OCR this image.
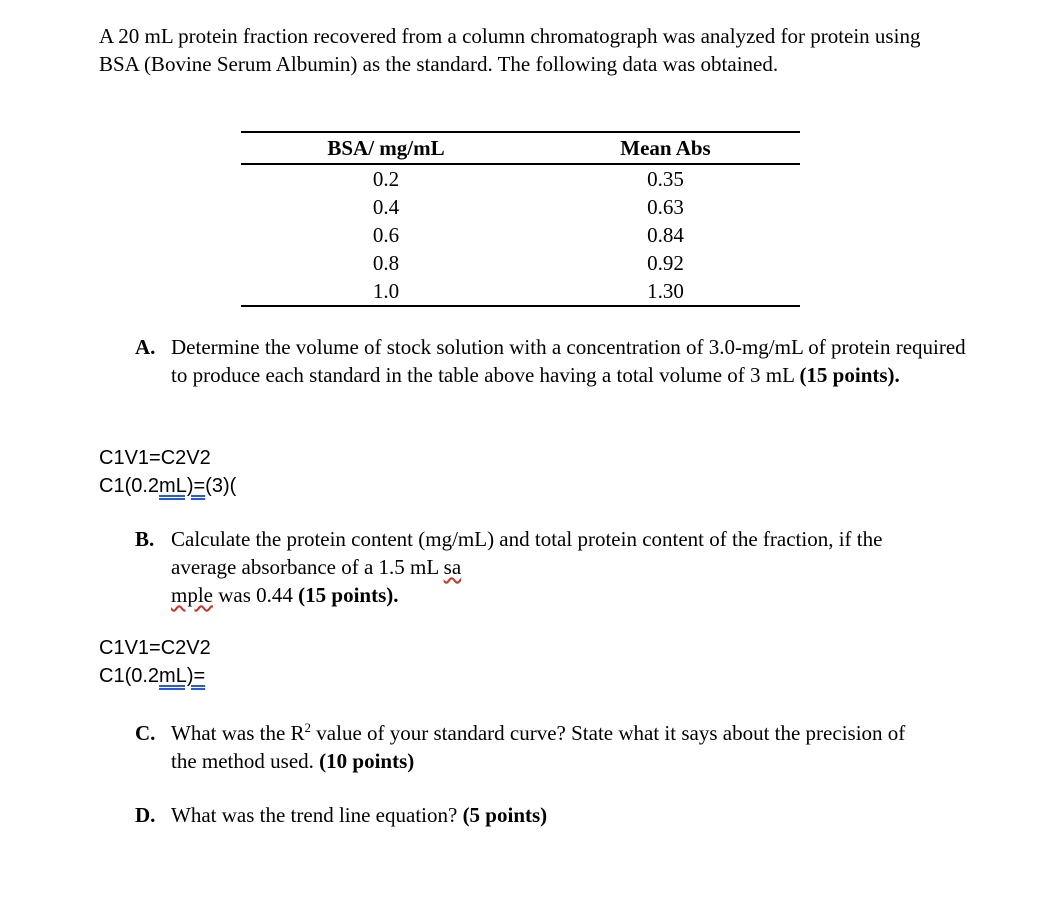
A 20 mL protein fraction recovered from a column chromatograph was analyzed for protein using BSA (Bovine Serum Albumin) as the standard. The following data was obtained.
BSA/ mg/mL	Mean Abs
0.2	0.35
0.4	0.63
0.6	0.84
0.8	0.92
1.0	1.30
A. Determine the volume of stock solution with a concentration of 3.0-mg/mL of protein required to produce each standard in the table above having a total volume of 3 mL (15 points).
C1V1=C2V2
C1(0.2mL)=(3)(
B. Calculate the protein content (mg/mL) and total protein content of the fraction, if the average absorbance of a 1.5 mL sa
mple was 0.44 (15 points).
C1V1=C2V2
C1(0.2mL)=
C. What was the $R^2$ value of your standard curve? State what it says about the precision of the method used. (10 points)
D. What was the trend line equation? (5 points)
